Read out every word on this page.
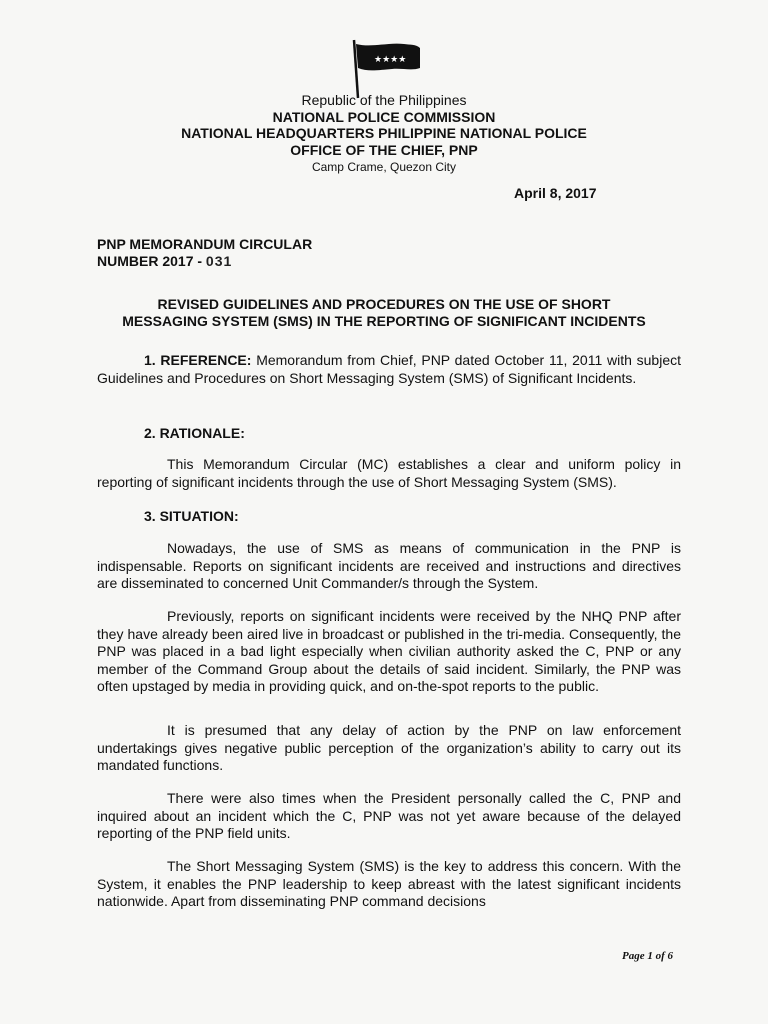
★★★★
Republic of the Philippines
NATIONAL POLICE COMMISSION
NATIONAL HEADQUARTERS PHILIPPINE NATIONAL POLICE
OFFICE OF THE CHIEF, PNP
Camp Crame, Quezon City
April 8, 2017
PNP MEMORANDUM CIRCULAR
NUMBER 2017 - 031
REVISED GUIDELINES AND PROCEDURES ON THE USE OF SHORT
MESSAGING SYSTEM (SMS) IN THE REPORTING OF SIGNIFICANT INCIDENTS
1. REFERENCE: Memorandum from Chief, PNP dated October 11, 2011 with subject Guidelines and Procedures on Short Messaging System (SMS) of Significant Incidents.
2. RATIONALE:
This Memorandum Circular (MC) establishes a clear and uniform policy in reporting of significant incidents through the use of Short Messaging System (SMS).
3. SITUATION:
Nowadays, the use of SMS as means of communication in the PNP is indispensable. Reports on significant incidents are received and instructions and directives are disseminated to concerned Unit Commander/s through the System.
Previously, reports on significant incidents were received by the NHQ PNP after they have already been aired live in broadcast or published in the tri-media. Consequently, the PNP was placed in a bad light especially when civilian authority asked the C, PNP or any member of the Command Group about the details of said incident. Similarly, the PNP was often upstaged by media in providing quick, and on-the-spot reports to the public.
It is presumed that any delay of action by the PNP on law enforcement undertakings gives negative public perception of the organization’s ability to carry out its mandated functions.
There were also times when the President personally called the C, PNP and inquired about an incident which the C, PNP was not yet aware because of the delayed reporting of the PNP field units.
The Short Messaging System (SMS) is the key to address this concern. With the System, it enables the PNP leadership to keep abreast with the latest significant incidents nationwide. Apart from disseminating PNP command decisions
Page 1 of 6
